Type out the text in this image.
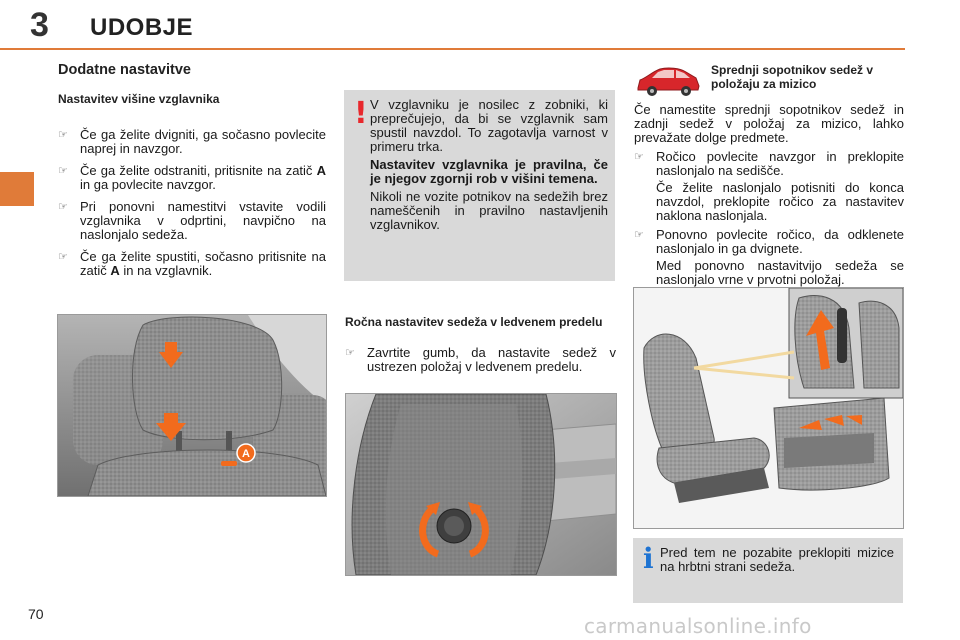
3 UDOBJE
Dodatne nastavitve
Nastavitev višine vzglavnika
☞ Če ga želite dvigniti, ga sočasno povlecite naprej in navzgor.
☞ Če ga želite odstraniti, pritisnite na zatič A in ga povlecite navzgor.
☞ Pri ponovni namestitvi vstavite vodili vzglavnika v odprtini, navpično na naslonjalo sedeža.
☞ Če ga želite spustiti, sočasno pritisnite na zatič A in na vzglavnik.
A
! V vzglavniku je nosilec z zobniki, ki preprečujejo, da bi se vzglavnik sam spustil navzdol. To zagotavlja varnost v primeru trka.

Nastavitev vzglavnika je pravilna, če je njegov zgornji rob v višini temena.

Nikoli ne vozite potnikov na sedežih brez nameščenih in pravilno nastavljenih vzglavnikov.

Ročna nastavitev sedeža v ledvenem predelu
☞ Zavrtite gumb, da nastavite sedež v ustrezen položaj v ledvenem predelu.
Sprednji sopotnikov sedež v položaju za mizico

Če namestite sprednji sopotnikov sedež in zadnji sedež v položaj za mizico, lahko prevažate dolge predmete.

☞ Ročico povlecite navzgor in preklopite naslonjalo na sedišče.

Če želite naslonjalo potisniti do konca navzdol, preklopite ročico za nastavitev naklona naslonjala.

☞ Ponovno povlecite ročico, da odklenete naslonjalo in ga dvignete.

Med ponovno nastavitvijo sedeža se naslonjalo vrne v prvotni položaj.

i Pred tem ne pozabite preklopiti mizice na hrbtni strani sedeža.
70	carmanualsonline.info
